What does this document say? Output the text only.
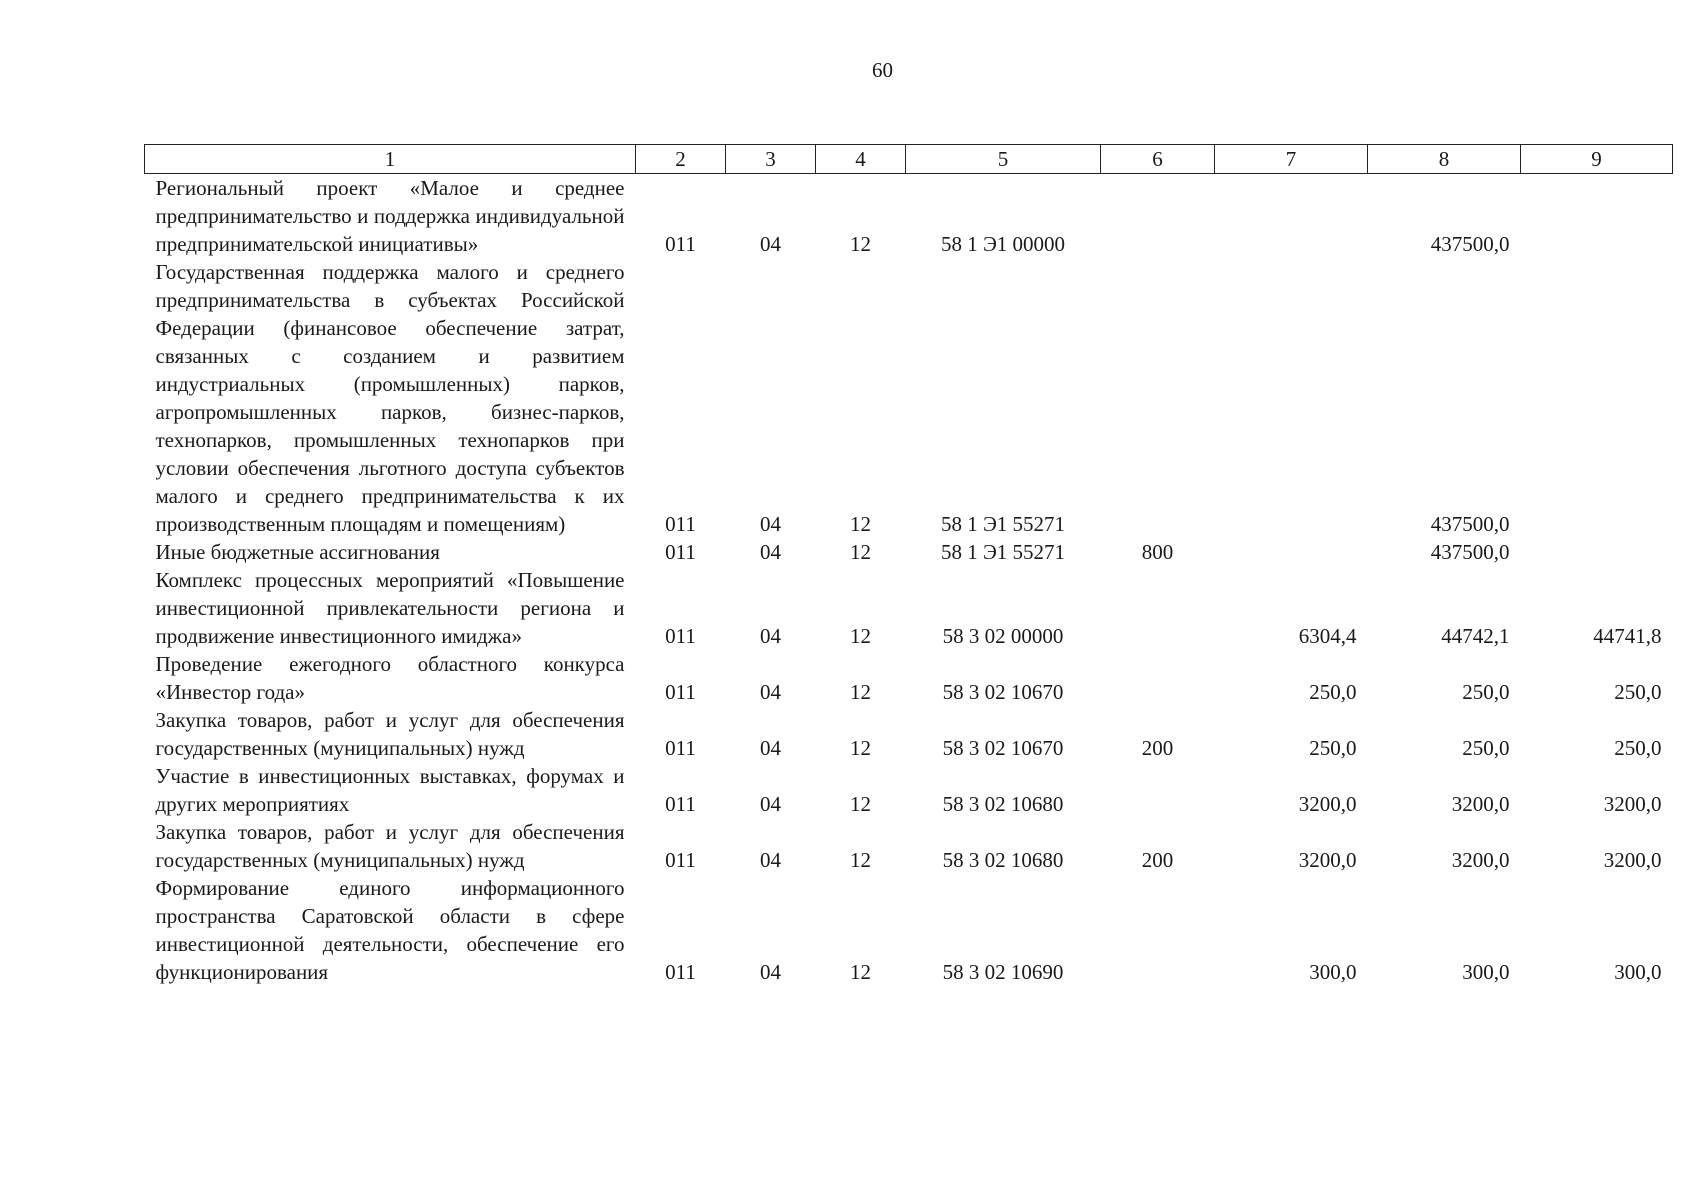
60
1	2	3	4	5	6	7	8	9
Региональный проект «Малое и среднее предпринимательство и поддержка индивидуальной предпринимательской инициативы»	011	04	12	58 1 Э1 00000			437500,0	
Государственная поддержка малого и среднего предпринимательства в субъектах Российской Федерации (финансовое обеспечение затрат, связанных с созданием и развитием индустриальных (промышленных) парков, агропромышленных парков, бизнес-парков, технопарков, промышленных технопарков при условии обеспечения льготного доступа субъектов малого и среднего предпринимательства к их производственным площадям и помещениям)	011	04	12	58 1 Э1 55271			437500,0	
Иные бюджетные ассигнования	011	04	12	58 1 Э1 55271	800		437500,0	
Комплекс процессных мероприятий «Повышение инвестиционной привлекательности региона и продвижение инвестиционного имиджа»	011	04	12	58 3 02 00000		6304,4	44742,1	44741,8
Проведение ежегодного областного конкурса «Инвестор года»	011	04	12	58 3 02 10670		250,0	250,0	250,0
Закупка товаров, работ и услуг для обеспечения государственных (муниципальных) нужд	011	04	12	58 3 02 10670	200	250,0	250,0	250,0
Участие в инвестиционных выставках, форумах и других мероприятиях	011	04	12	58 3 02 10680		3200,0	3200,0	3200,0
Закупка товаров, работ и услуг для обеспечения государственных (муниципальных) нужд	011	04	12	58 3 02 10680	200	3200,0	3200,0	3200,0
Формирование единого информационного пространства Саратовской области в сфере инвестиционной деятельности, обеспечение его функционирования	011	04	12	58 3 02 10690		300,0	300,0	300,0
